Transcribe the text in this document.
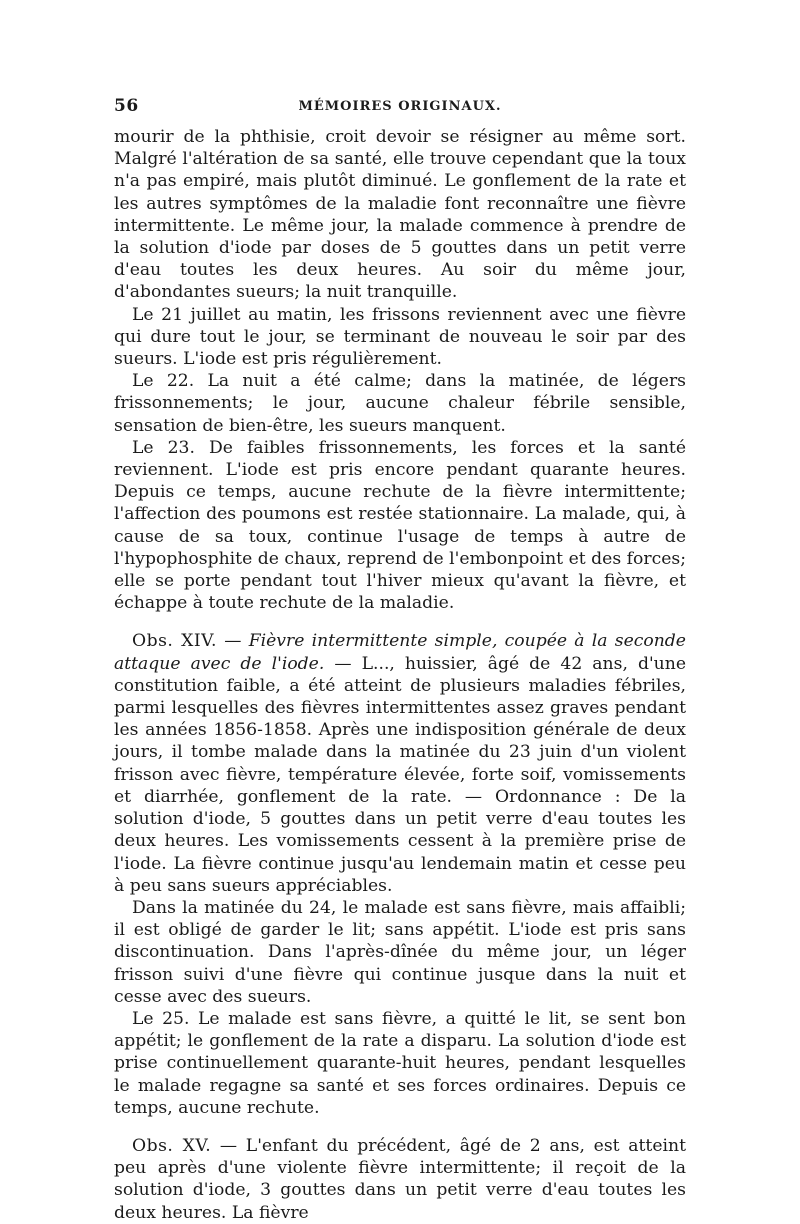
56	MÉMOIRES ORIGINAUX.

mourir de la phthisie, croit devoir se résigner au même sort. Malgré l'altération de sa santé, elle trouve cependant que la toux n'a pas empiré, mais plutôt diminué. Le gonflement de la rate et les autres symptômes de la maladie font reconnaître une fièvre intermittente. Le même jour, la malade commence à prendre de la solution d'iode par doses de 5 gouttes dans un petit verre d'eau toutes les deux heures. Au soir du même jour, d'abondantes sueurs; la nuit tranquille.

Le 21 juillet au matin, les frissons reviennent avec une fièvre qui dure tout le jour, se terminant de nouveau le soir par des sueurs. L'iode est pris régulièrement.

Le 22. La nuit a été calme; dans la matinée, de légers frissonnements; le jour, aucune chaleur fébrile sensible, sensation de bien-être, les sueurs manquent.

Le 23. De faibles frissonnements, les forces et la santé reviennent. L'iode est pris encore pendant quarante heures. Depuis ce temps, aucune rechute de la fièvre intermittente; l'affection des poumons est restée stationnaire. La malade, qui, à cause de sa toux, continue l'usage de temps à autre de l'hypophosphite de chaux, reprend de l'embonpoint et des forces; elle se porte pendant tout l'hiver mieux qu'avant la fièvre, et échappe à toute rechute de la maladie.

Obs. XIV. — Fièvre intermittente simple, coupée à la seconde attaque avec de l'iode. — L..., huissier, âgé de 42 ans, d'une constitution faible, a été atteint de plusieurs maladies fébriles, parmi lesquelles des fièvres intermittentes assez graves pendant les années 1856-1858. Après une indisposition générale de deux jours, il tombe malade dans la matinée du 23 juin d'un violent frisson avec fièvre, température élevée, forte soif, vomissements et diarrhée, gonflement de la rate. — Ordonnance : De la solution d'iode, 5 gouttes dans un petit verre d'eau toutes les deux heures. Les vomissements cessent à la première prise de l'iode. La fièvre continue jusqu'au lendemain matin et cesse peu à peu sans sueurs appréciables.

Dans la matinée du 24, le malade est sans fièvre, mais affaibli; il est obligé de garder le lit; sans appétit. L'iode est pris sans discontinuation. Dans l'après-dînée du même jour, un léger frisson suivi d'une fièvre qui continue jusque dans la nuit et cesse avec des sueurs.

Le 25. Le malade est sans fièvre, a quitté le lit, se sent bon appétit; le gonflement de la rate a disparu. La solution d'iode est prise continuellement quarante-huit heures, pendant lesquelles le malade regagne sa santé et ses forces ordinaires. Depuis ce temps, aucune rechute.

Obs. XV. — L'enfant du précédent, âgé de 2 ans, est atteint peu après d'une violente fièvre intermittente; il reçoit de la solution d'iode, 3 gouttes dans un petit verre d'eau toutes les deux heures. La fièvre
